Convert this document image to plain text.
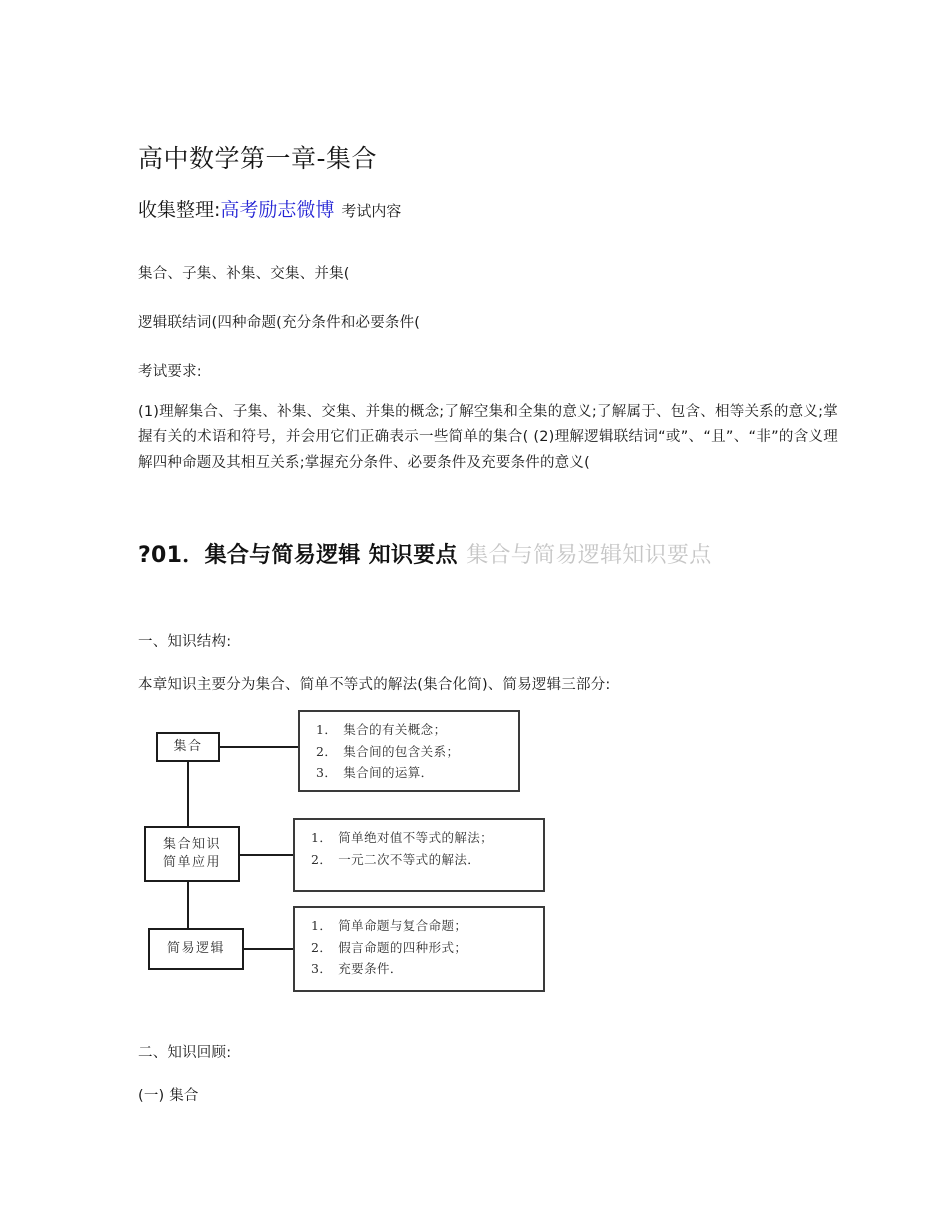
高中数学第一章-集合
收集整理:高考励志微博 考试内容

集合、子集、补集、交集、并集(

逻辑联结词(四种命题(充分条件和必要条件(

考试要求:

(1)理解集合、子集、补集、交集、并集的概念;了解空集和全集的意义;了解属于、包含、相等关系的意义;掌握有关的术语和符号，并会用它们正确表示一些简单的集合( (2)理解逻辑联结词“或”、“且”、“非”的含义理解四种命题及其相互关系;掌握充分条件、必要条件及充要条件的意义(

?01．集合与简易逻辑 知识要点 集合与简易逻辑知识要点

一、知识结构:

本章知识主要分为集合、简单不等式的解法(集合化简)、简易逻辑三部分:

集合
集合知识
简单应用
简易逻辑
1． 集合的有关概念；
2． 集合间的包含关系；
3． 集合间的运算．
1． 简单绝对值不等式的解法；
2． 一元二次不等式的解法．
1． 简单命题与复合命题；
2． 假言命题的四种形式；
3． 充要条件．

二、知识回顾:

(一) 集合
